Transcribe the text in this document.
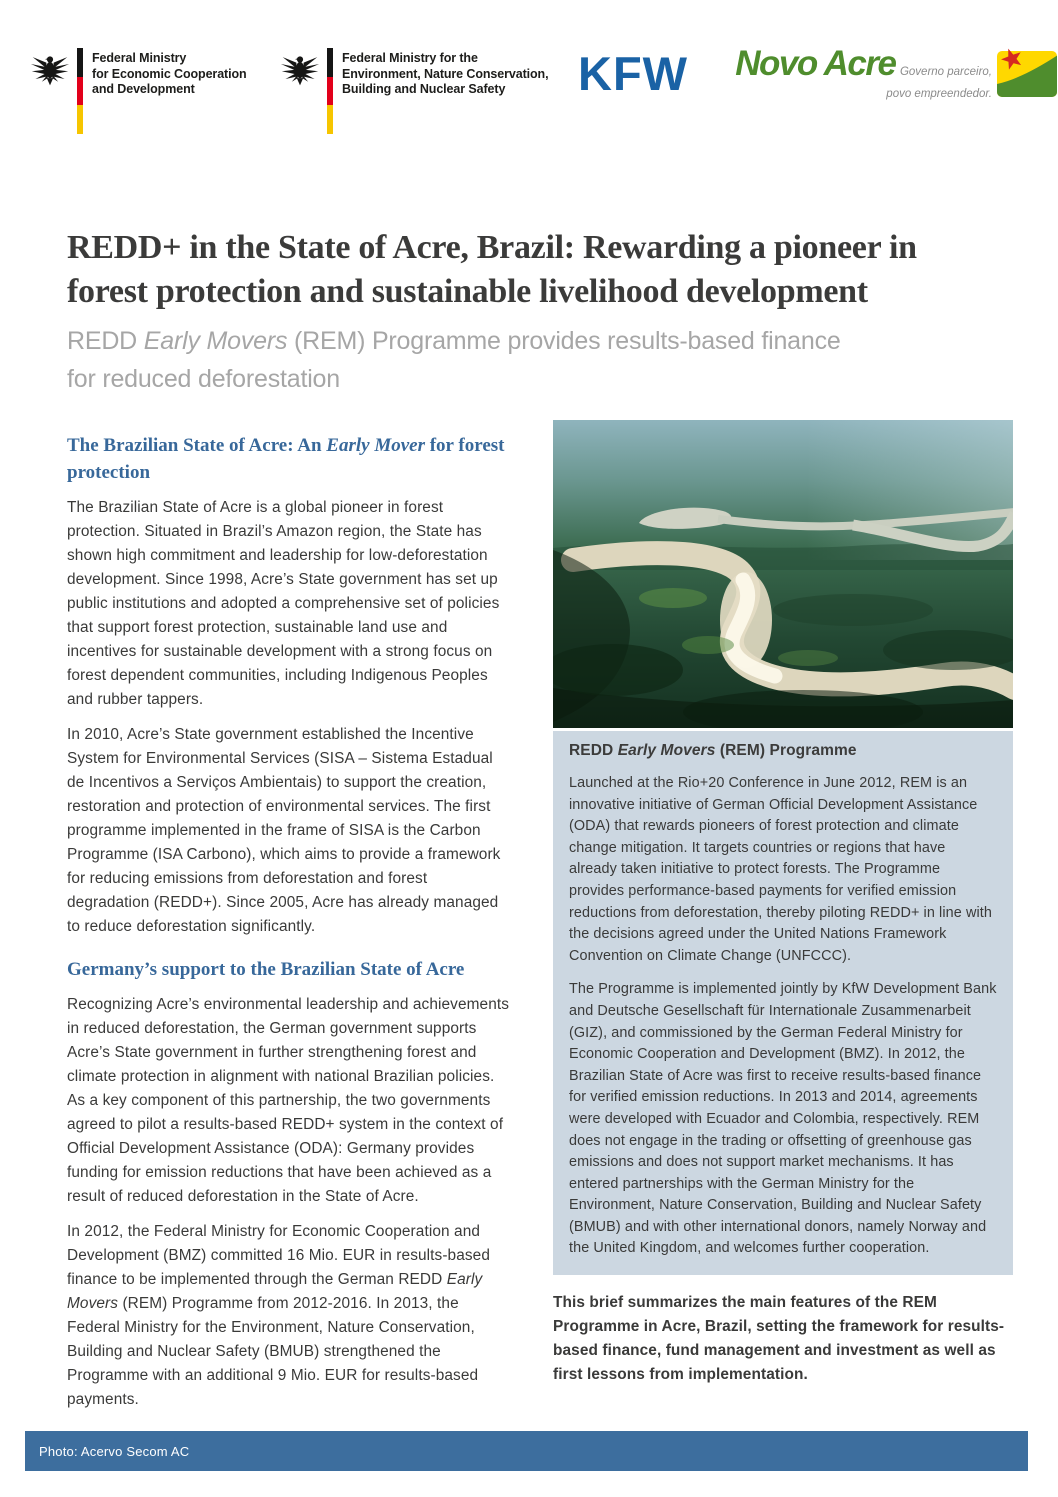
Federal Ministry
for Economic Cooperation
and Development
Federal Ministry for the
Environment, Nature Conservation,
Building and Nuclear Safety	KFW	Novo Acre Governo parceiro, povo empreendedor.
REDD+ in the State of Acre, Brazil: Rewarding a pioneer in
forest protection and sustainable livelihood development

REDD Early Movers (REM) Programme provides results-based finance
for reduced deforestation

The Brazilian State of Acre: An Early Mover for forest protection

The Brazilian State of Acre is a global pioneer in forest protection. Situated in Brazil’s Amazon region, the State has shown high commitment and leadership for low-deforestation development. Since 1998, Acre’s State government has set up public institutions and adopted a comprehensive set of policies that support forest protection, sustainable land use and incentives for sustainable development with a strong focus on forest dependent communities, including Indigenous Peoples and rubber tappers.

In 2010, Acre’s State government established the Incentive System for Environmental Services (SISA – Sistema Estadual de Incentivos a Serviços Ambientais) to support the creation, restoration and protection of environmental services. The first programme implemented in the frame of SISA is the Carbon Programme (ISA Carbono), which aims to provide a framework for reducing emissions from deforestation and forest degradation (REDD+). Since 2005, Acre has already managed to reduce deforestation significantly.

Germany’s support to the Brazilian State of Acre

Recognizing Acre’s environmental leadership and achievements in reduced deforestation, the German government supports Acre’s State government in further strengthening forest and climate protection in alignment with national Brazilian policies. As a key component of this partnership, the two governments agreed to pilot a results-based REDD+ system in the context of Official Development Assistance (ODA): Germany provides funding for emission reductions that have been achieved as a result of reduced deforestation in the State of Acre.

In 2012, the Federal Ministry for Economic Cooperation and Development (BMZ) committed 16 Mio. EUR in results-based finance to be implemented through the German REDD Early Movers (REM) Programme from 2012-2016. In 2013, the Federal Ministry for the Environment, Nature Conservation, Building and Nuclear Safety (BMUB) strengthened the Programme with an additional 9 Mio. EUR for results-based payments.

REDD Early Movers (REM) Programme

Launched at the Rio+20 Conference in June 2012, REM is an innovative initiative of German Official Development Assistance (ODA) that rewards pioneers of forest protection and climate change mitigation. It targets countries or regions that have already taken initiative to protect forests. The Programme provides performance-based payments for verified emission reductions from deforestation, thereby piloting REDD+ in line with the decisions agreed under the United Nations Framework Convention on Climate Change (UNFCCC).

The Programme is implemented jointly by KfW Development Bank and Deutsche Gesellschaft für Internationale Zusammenarbeit (GIZ), and commissioned by the German Federal Ministry for Economic Cooperation and Development (BMZ). In 2012, the Brazilian State of Acre was first to receive results-based finance for verified emission reductions. In 2013 and 2014, agreements were developed with Ecuador and Colombia, respectively. REM does not engage in the trading or offsetting of greenhouse gas emissions and does not support market mechanisms. It has entered partnerships with the German Ministry for the Environment, Nature Conservation, Building and Nuclear Safety (BMUB) and with other international donors, namely Norway and the United Kingdom, and welcomes further cooperation.

This brief summarizes the main features of the REM Programme in Acre, Brazil, setting the framework for results-based finance, fund management and investment as well as first lessons from implementation.

Photo: Acervo Secom AC
